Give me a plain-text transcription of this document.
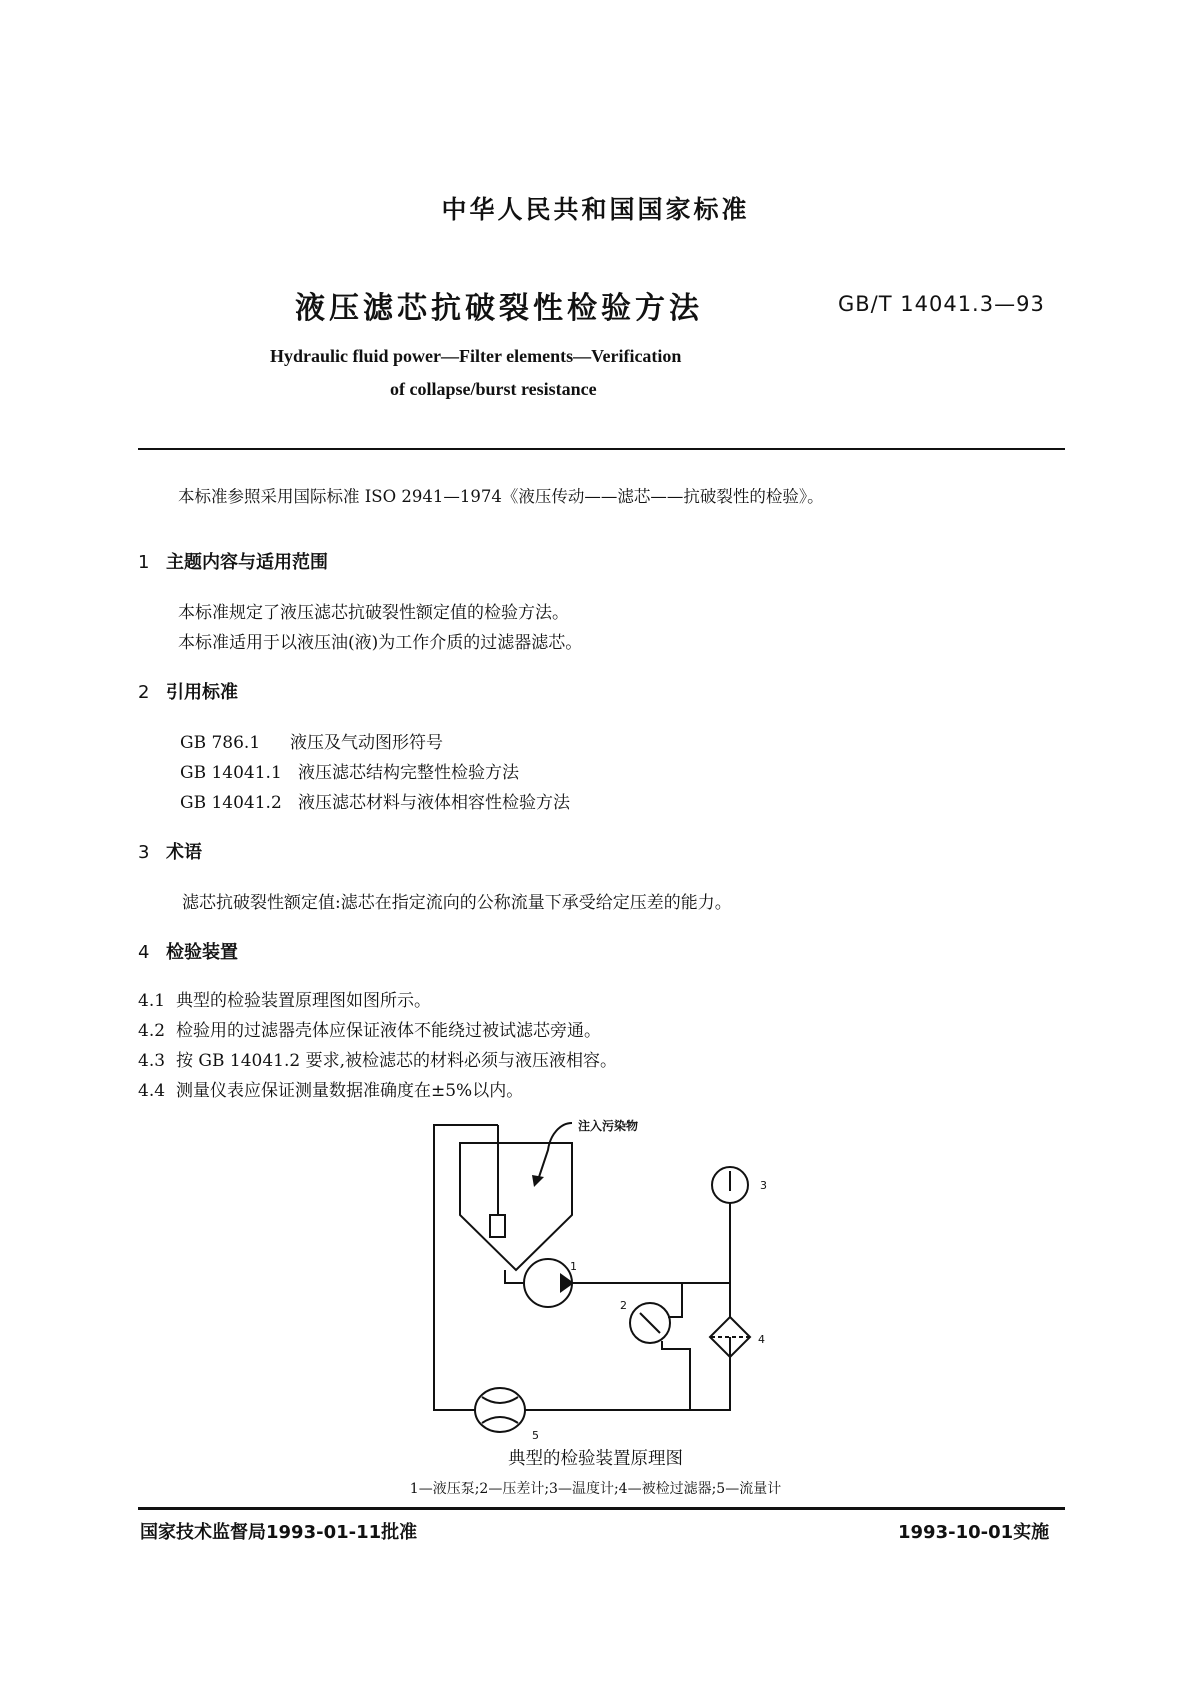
中华人民共和国国家标准
液压滤芯抗破裂性检验方法	GB/T 14041.3—93
Hydraulic fluid power—Filter elements—Verification
of collapse/burst resistance
本标准参照采用国际标准 ISO 2941—1974《液压传动——滤芯——抗破裂性的检验》。
1 主题内容与适用范围
本标准规定了液压滤芯抗破裂性额定值的检验方法。
本标准适用于以液压油(液)为工作介质的过滤器滤芯。
2 引用标准
GB 786.1 液压及气动图形符号
GB 14041.1 液压滤芯结构完整性检验方法
GB 14041.2 液压滤芯材料与液体相容性检验方法
3 术语
滤芯抗破裂性额定值:滤芯在指定流向的公称流量下承受给定压差的能力。
4 检验装置
4.1 典型的检验装置原理图如图所示。
4.2 检验用的过滤器壳体应保证液体不能绕过被试滤芯旁通。
4.3 按 GB 14041.2 要求,被检滤芯的材料必须与液压液相容。
4.4 测量仪表应保证测量数据准确度在±5%以内。
注入污染物
1
2
3
4
5
典型的检验装置原理图
1—液压泵;2—压差计;3—温度计;4—被检过滤器;5—流量计
国家技术监督局1993-01-11批准	1993-10-01实施
